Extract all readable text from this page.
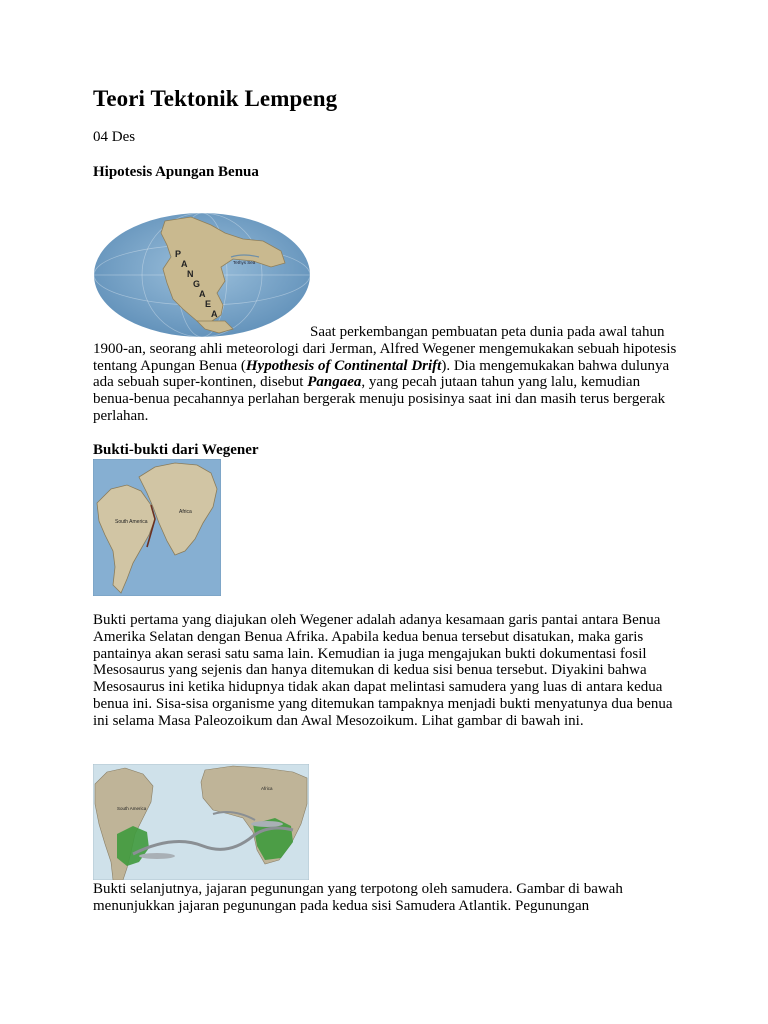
Teori Tektonik Lempeng
04 Des
Hipotesis Apungan Benua
P
A
N
G
A
E
A
Tethys Sea
Saat perkembangan pembuatan peta dunia pada awal tahun 1900-an, seorang ahli meteorologi dari Jerman, Alfred Wegener mengemukakan sebuah hipotesis tentang Apungan Benua (Hypothesis of Continental Drift). Dia mengemukakan bahwa dulunya ada sebuah super-kontinen, disebut Pangaea, yang pecah jutaan tahun yang lalu, kemudian benua-benua pecahannya perlahan bergerak menuju posisinya saat ini dan masih terus bergerak perlahan.
Bukti-bukti dari Wegener
South America
Africa
Bukti pertama yang diajukan oleh Wegener adalah adanya kesamaan garis pantai antara Benua Amerika Selatan dengan Benua Afrika. Apabila kedua benua tersebut disatukan, maka garis pantainya akan serasi satu sama lain. Kemudian ia juga mengajukan bukti dokumentasi fosil Mesosaurus yang sejenis dan hanya ditemukan di kedua sisi benua tersebut. Diyakini bahwa Mesosaurus ini ketika hidupnya tidak akan dapat melintasi samudera yang luas di antara kedua benua ini. Sisa-sisa organisme yang ditemukan tampaknya menjadi bukti menyatunya dua benua ini selama Masa Paleozoikum dan Awal Mesozoikum. Lihat gambar di bawah ini.
South America
Africa
Bukti selanjutnya, jajaran pegunungan yang terpotong oleh samudera. Gambar di bawah menunjukkan jajaran pegunungan pada kedua sisi Samudera Atlantik. Pegunungan
